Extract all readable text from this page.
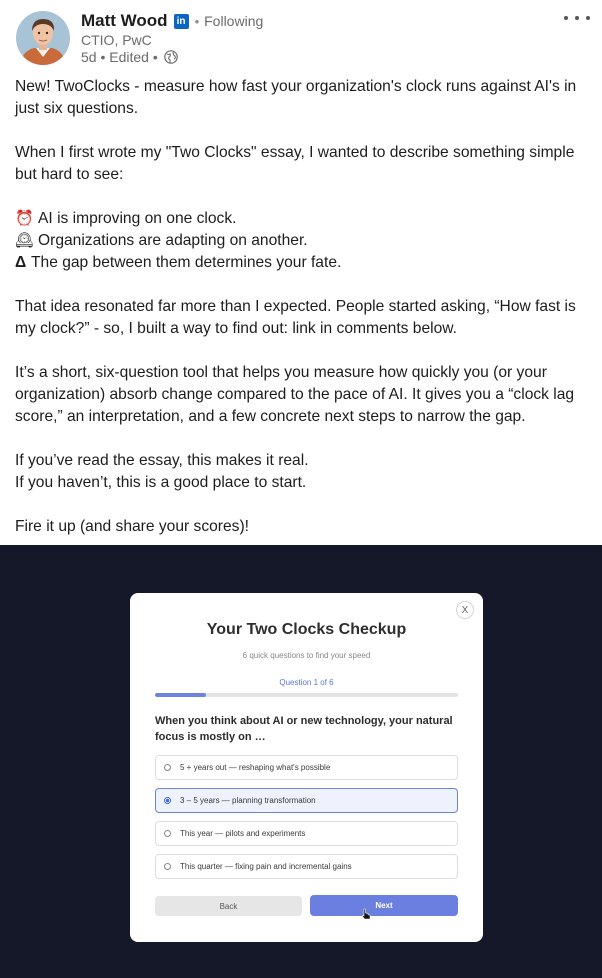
Matt Wood in • Following
CTIO, PwC
5d • Edited •

New! TwoClocks - measure how fast your organization's clock runs against AI's in just six questions.

When I first wrote my "Two Clocks" essay, I wanted to describe something simple but hard to see:

⏰ AI is improving on one clock.

🕰 Organizations are adapting on another.

Δ The gap between them determines your fate.

That idea resonated far more than I expected. People started asking, “How fast is my clock?” - so, I built a way to find out: link in comments below.

It’s a short, six-question tool that helps you measure how quickly you (or your organization) absorb change compared to the pace of AI. It gives you a “clock lag score,” an interpretation, and a few concrete next steps to narrow the gap.

If you’ve read the essay, this makes it real.

If you haven’t, this is a good place to start.

Fire it up (and share your scores)!

X
Your Two Clocks Checkup
6 quick questions to find your speed
Question 1 of 6
When you think about AI or new technology, your natural focus is mostly on …
5 + years out — reshaping what's possible
3 – 5 years — planning transformation
This year — pilots and experiments
This quarter — fixing pain and incremental gains
Back	Next
